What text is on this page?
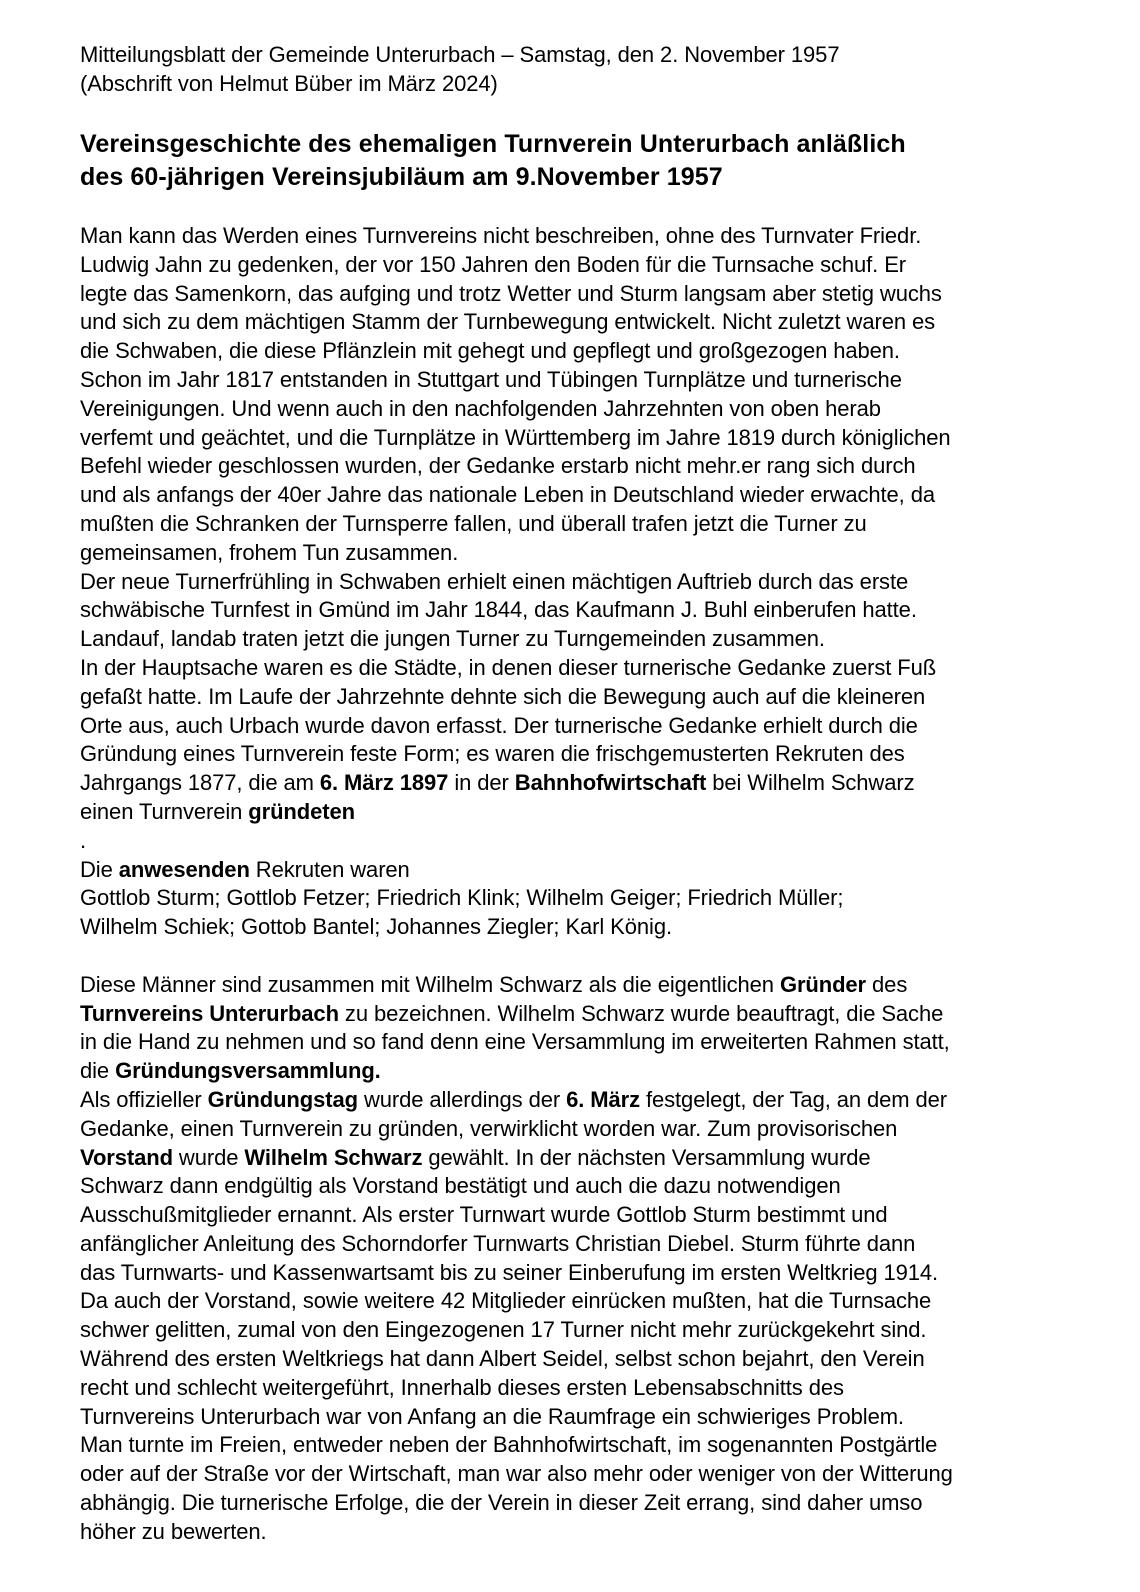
Mitteilungsblatt der Gemeinde Unterurbach – Samstag, den 2. November 1957
(Abschrift von Helmut Büber im März 2024)
Vereinsgeschichte des ehemaligen Turnverein Unterurbach anläßlich
des 60-jährigen Vereinsjubiläum am 9.November 1957
Man kann das Werden eines Turnvereins nicht beschreiben, ohne des Turnvater Friedr.
Ludwig Jahn zu gedenken, der vor 150 Jahren den Boden für die Turnsache schuf. Er
legte das Samenkorn, das aufging und trotz Wetter und Sturm langsam aber stetig wuchs
und sich zu dem mächtigen Stamm der Turnbewegung entwickelt. Nicht zuletzt waren es
die Schwaben, die diese Pflänzlein mit gehegt und gepflegt und großgezogen haben.
Schon im Jahr 1817 entstanden in Stuttgart und Tübingen Turnplätze und turnerische
Vereinigungen. Und wenn auch in den nachfolgenden Jahrzehnten von oben herab
verfemt und geächtet, und die Turnplätze in Württemberg im Jahre 1819 durch königlichen
Befehl wieder geschlossen wurden, der Gedanke erstarb nicht mehr.er rang sich durch
und als anfangs der 40er Jahre das nationale Leben in Deutschland wieder erwachte, da
mußten die Schranken der Turnsperre fallen, und überall trafen jetzt die Turner zu
gemeinsamen, frohem Tun zusammen.
Der neue Turnerfrühling in Schwaben erhielt einen mächtigen Auftrieb durch das erste
schwäbische Turnfest in Gmünd im Jahr 1844, das Kaufmann J. Buhl einberufen hatte.
Landauf, landab traten jetzt die jungen Turner zu Turngemeinden zusammen.
In der Hauptsache waren es die Städte, in denen dieser turnerische Gedanke zuerst Fuß
gefaßt hatte. Im Laufe der Jahrzehnte dehnte sich die Bewegung auch auf die kleineren
Orte aus, auch Urbach wurde davon erfasst. Der turnerische Gedanke erhielt durch die
Gründung eines Turnverein feste Form; es waren die frischgemusterten Rekruten des
Jahrgangs 1877, die am 6. März 1897 in der Bahnhofwirtschaft bei Wilhelm Schwarz
einen Turnverein gründeten
.
Die anwesenden Rekruten waren
Gottlob Sturm; Gottlob Fetzer; Friedrich Klink; Wilhelm Geiger; Friedrich Müller;
Wilhelm Schiek; Gottob Bantel; Johannes Ziegler; Karl König.

Diese Männer sind zusammen mit Wilhelm Schwarz als die eigentlichen Gründer des
Turnvereins Unterurbach zu bezeichnen. Wilhelm Schwarz wurde beauftragt, die Sache
in die Hand zu nehmen und so fand denn eine Versammlung im erweiterten Rahmen statt,
die Gründungsversammlung.
Als offizieller Gründungstag wurde allerdings der 6. März festgelegt, der Tag, an dem der
Gedanke, einen Turnverein zu gründen, verwirklicht worden war. Zum provisorischen
Vorstand wurde Wilhelm Schwarz gewählt. In der nächsten Versammlung wurde
Schwarz dann endgültig als Vorstand bestätigt und auch die dazu notwendigen
Ausschußmitglieder ernannt. Als erster Turnwart wurde Gottlob Sturm bestimmt und
anfänglicher Anleitung des Schorndorfer Turnwarts Christian Diebel. Sturm führte dann
das Turnwarts- und Kassenwartsamt bis zu seiner Einberufung im ersten Weltkrieg 1914.
Da auch der Vorstand, sowie weitere 42 Mitglieder einrücken mußten, hat die Turnsache
schwer gelitten, zumal von den Eingezogenen 17 Turner nicht mehr zurückgekehrt sind.
Während des ersten Weltkriegs hat dann Albert Seidel, selbst schon bejahrt, den Verein
recht und schlecht weitergeführt, Innerhalb dieses ersten Lebensabschnitts des
Turnvereins Unterurbach war von Anfang an die Raumfrage ein schwieriges Problem.
Man turnte im Freien, entweder neben der Bahnhofwirtschaft, im sogenannten Postgärtle
oder auf der Straße vor der Wirtschaft, man war also mehr oder weniger von der Witterung
abhängig. Die turnerische Erfolge, die der Verein in dieser Zeit errang, sind daher umso
höher zu bewerten.
